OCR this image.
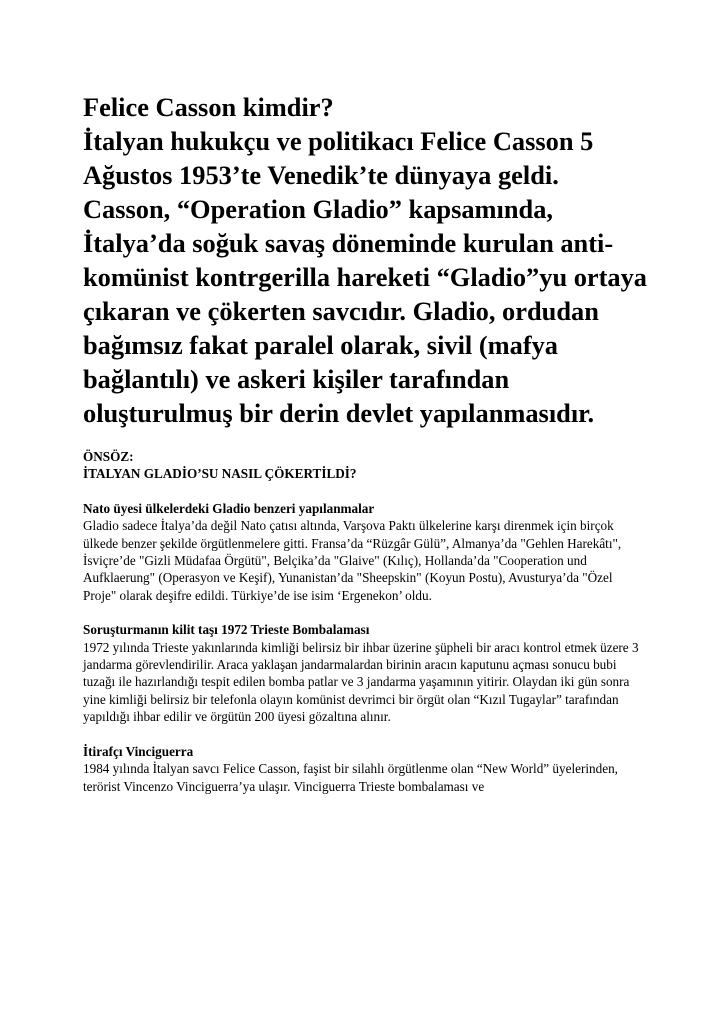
Felice Casson kimdir?
İtalyan hukukçu ve politikacı Felice Casson 5 Ağustos 1953’te Venedik’te dünyaya geldi. Casson, “Operation Gladio” kapsamında, İtalya’da soğuk savaş döneminde kurulan anti-komünist kontrgerilla hareketi “Gladio”yu ortaya çıkaran ve çökerten savcıdır. Gladio, ordudan bağımsız fakat paralel olarak, sivil (mafya bağlantılı) ve askeri kişiler tarafından oluşturulmuş bir derin devlet yapılanmasıdır.
ÖNSÖZ:
İTALYAN GLADİO’SU NASIL ÇÖKERTİLDİ?
Nato üyesi ülkelerdeki Gladio benzeri yapılanmalar
Gladio sadece İtalya’da değil Nato çatısı altında, Varşova Paktı ülkelerine karşı direnmek için birçok ülkede benzer şekilde örgütlenmelere gitti. Fransa’da “Rüzgâr Gülü”, Almanya’da "Gehlen Harekâtı", İsviçre’de "Gizli Müdafaa Örgütü", Belçika’da "Glaive" (Kılıç), Hollanda’da "Cooperation und Aufklaerung" (Operasyon ve Keşif), Yunanistan’da "Sheepskin" (Koyun Postu), Avusturya’da "Özel Proje" olarak deşifre edildi. Türkiye’de ise isim ‘Ergenekon’ oldu.
Soruşturmanın kilit taşı 1972 Trieste Bombalaması
1972 yılında Trieste yakınlarında kimliği belirsiz bir ihbar üzerine şüpheli bir aracı kontrol etmek üzere 3 jandarma görevlendirilir. Araca yaklaşan jandarmalardan birinin aracın kaputunu açması sonucu bubi tuzağı ile hazırlandığı tespit edilen bomba patlar ve 3 jandarma yaşamının yitirir. Olaydan iki gün sonra yine kimliği belirsiz bir telefonla olayın komünist devrimci bir örgüt olan “Kızıl Tugaylar” tarafından yapıldığı ihbar edilir ve örgütün 200 üyesi gözaltına alınır.
İtirafçı Vinciguerra
1984 yılında İtalyan savcı Felice Casson, faşist bir silahlı örgütlenme olan “New World” üyelerinden, terörist Vincenzo Vinciguerra’ya ulaşır. Vinciguerra Trieste bombalaması ve
